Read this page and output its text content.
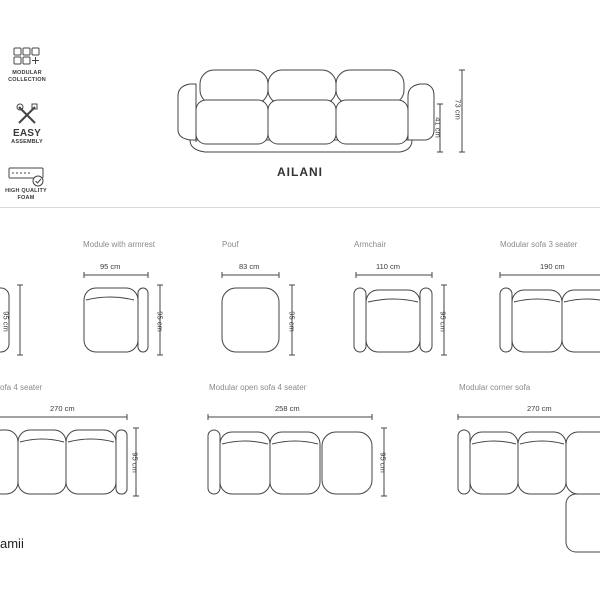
MODULAR
COLLECTION
EASY
ASSEMBLY
HIGH QUALITY
FOAM
AILANI
73 cm
41 cm
95 cm
Module with armrest
95 cm
95 cm
Pouf
83 cm
95 cm
Armchair
110 cm
95 cm
Modular sofa 3 seater
190 cm
ofa 4 seater
270 cm
95 cm
Modular open sofa 4 seater
258 cm
95 cm
Modular corner sofa
270 cm
amii
